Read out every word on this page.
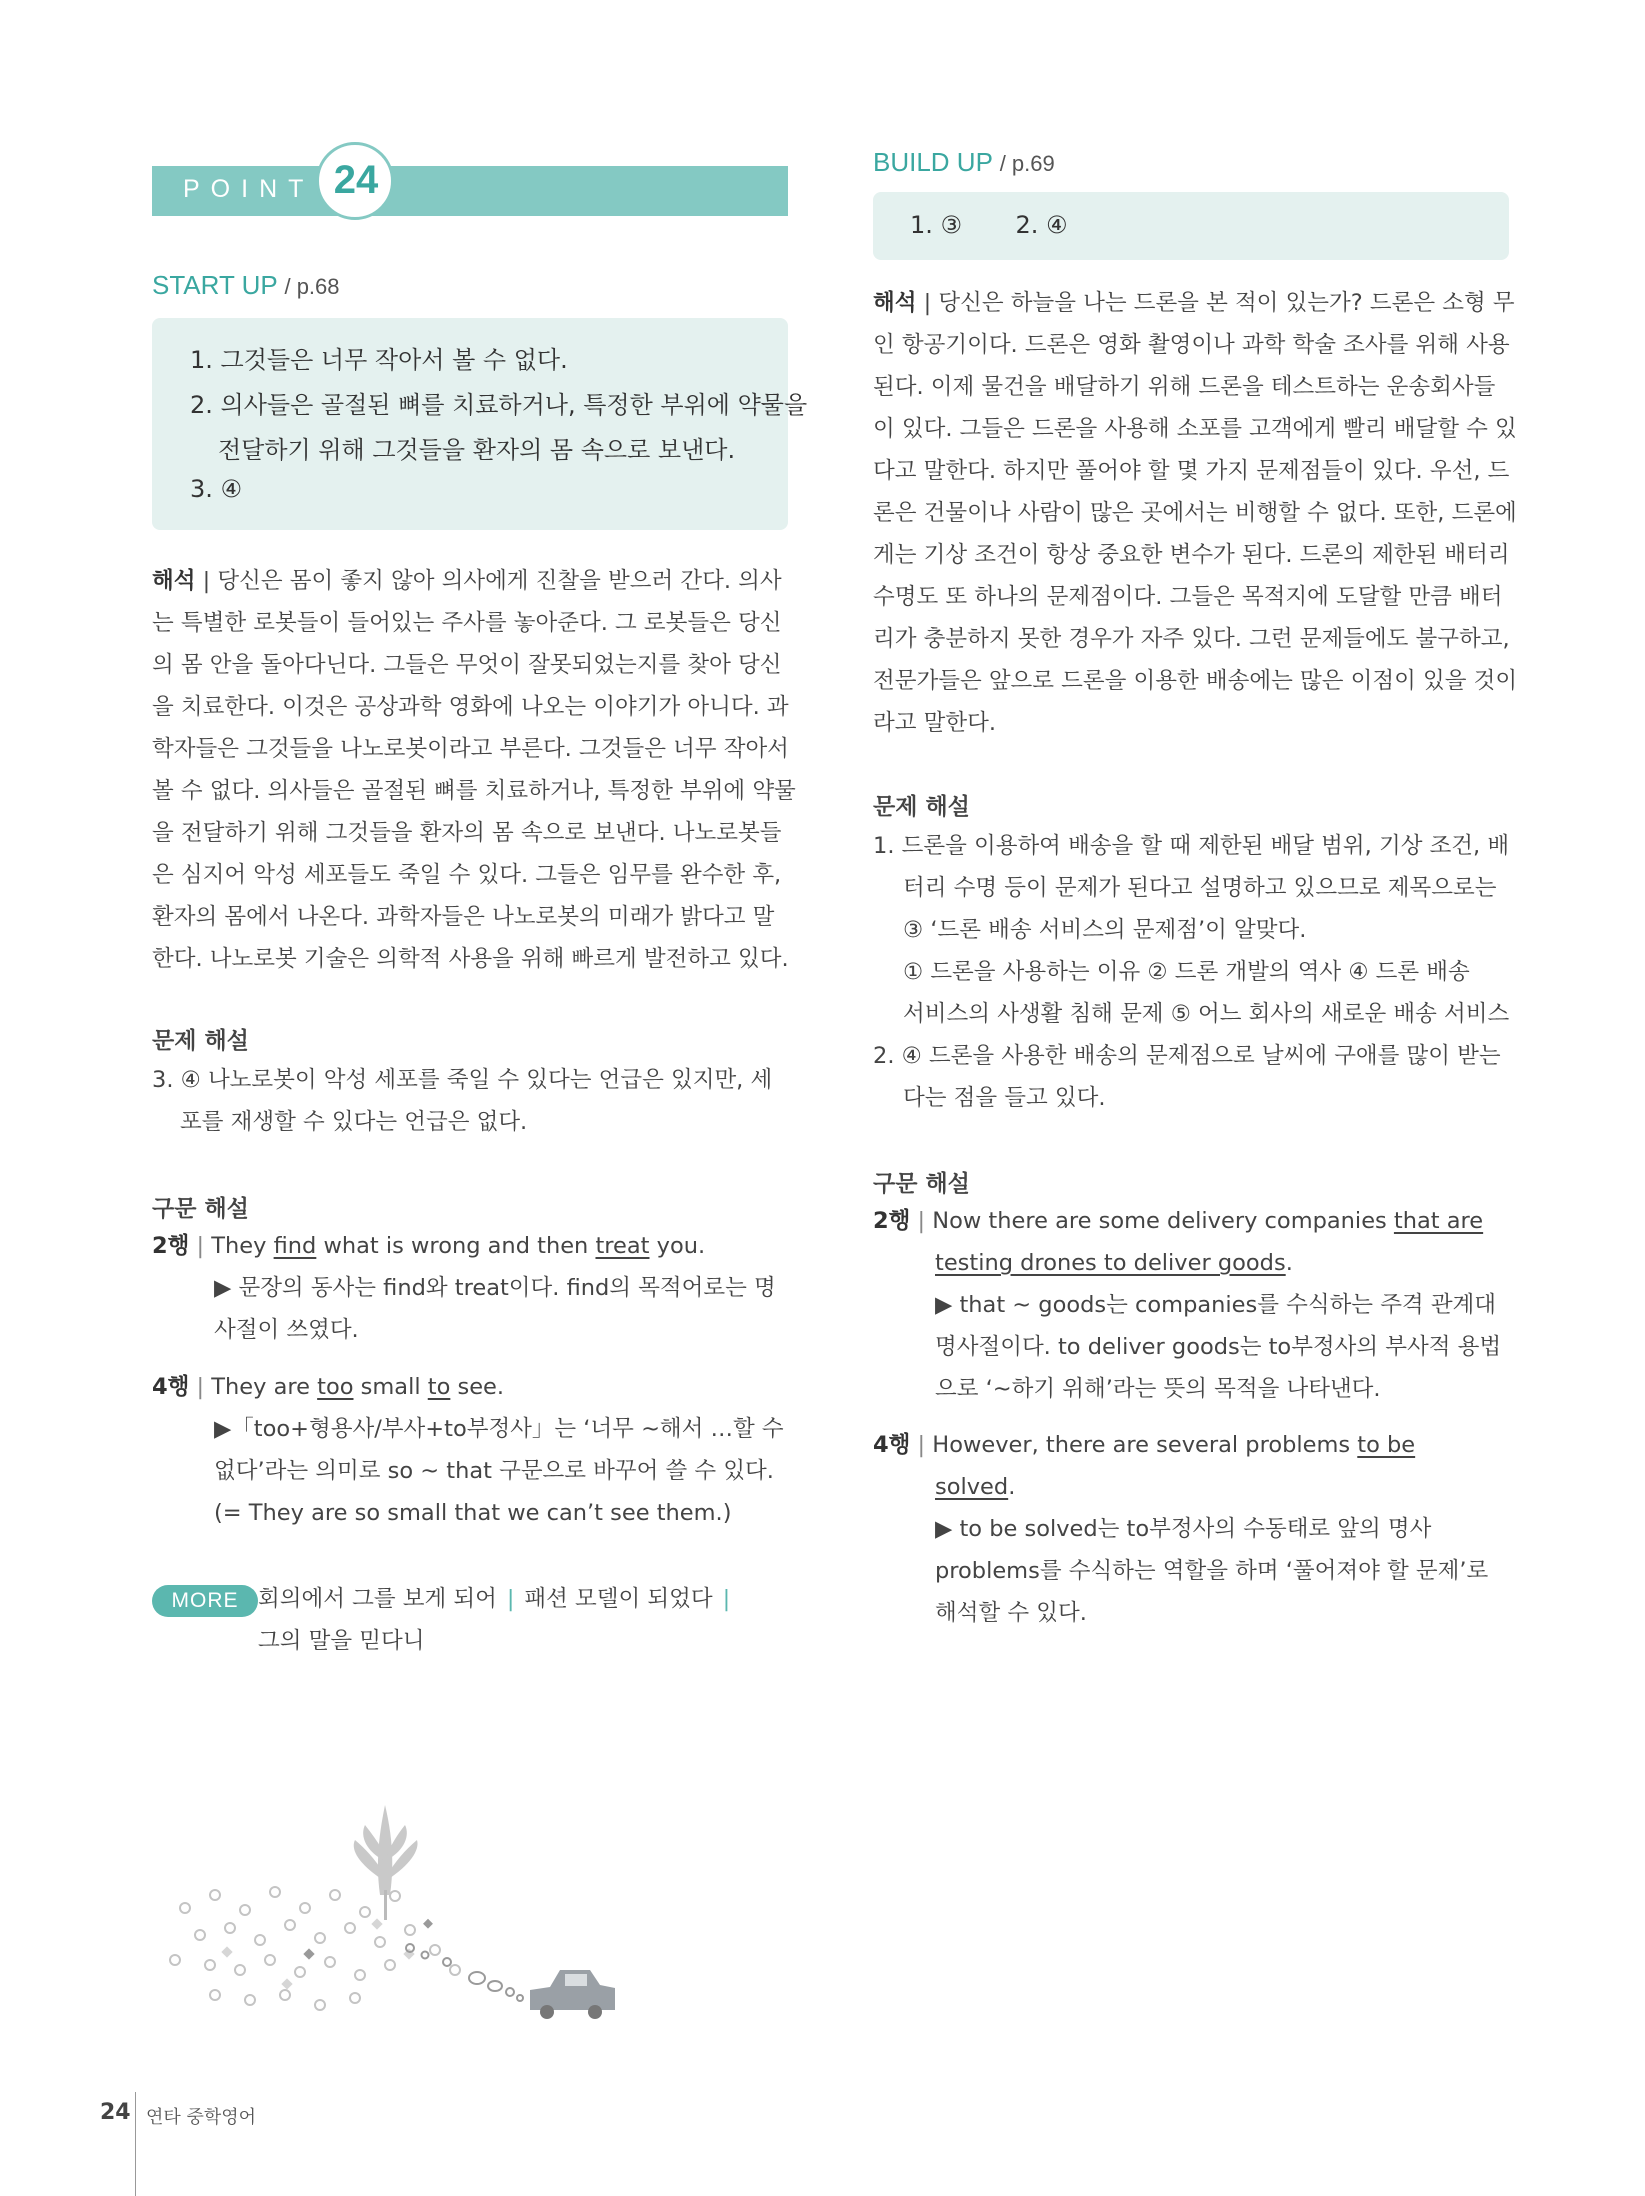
POINT 24
START UP / p.68
1. 그것들은 너무 작아서 볼 수 없다.
2. 의사들은 골절된 뼈를 치료하거나, 특정한 부위에 약물을
전달하기 위해 그것들을 환자의 몸 속으로 보낸다.
3. ④
해석 | 당신은 몸이 좋지 않아 의사에게 진찰을 받으러 간다. 의사
는 특별한 로봇들이 들어있는 주사를 놓아준다. 그 로봇들은 당신
의 몸 안을 돌아다닌다. 그들은 무엇이 잘못되었는지를 찾아 당신
을 치료한다. 이것은 공상과학 영화에 나오는 이야기가 아니다. 과
학자들은 그것들을 나노로봇이라고 부른다. 그것들은 너무 작아서
볼 수 없다. 의사들은 골절된 뼈를 치료하거나, 특정한 부위에 약물
을 전달하기 위해 그것들을 환자의 몸 속으로 보낸다. 나노로봇들
은 심지어 악성 세포들도 죽일 수 있다. 그들은 임무를 완수한 후,
환자의 몸에서 나온다. 과학자들은 나노로봇의 미래가 밝다고 말
한다. 나노로봇 기술은 의학적 사용을 위해 빠르게 발전하고 있다.
문제 해설
3. ④ 나노로봇이 악성 세포를 죽일 수 있다는 언급은 있지만, 세
포를 재생할 수 있다는 언급은 없다.
구문 해설
2행 | They find what is wrong and then treat you.
▶ 문장의 동사는 find와 treat이다. find의 목적어로는 명
사절이 쓰였다.
4행 | They are too small to see.
▶「too+형용사/부사+to부정사」는 ‘너무 ~해서 …할 수
없다’라는 의미로 so ~ that 구문으로 바꾸어 쓸 수 있다.
(= They are so small that we can’t see them.)
MORE 회의에서 그를 보게 되어 | 패션 모델이 되었다 |
그의 말을 믿다니
BUILD UP / p.69
1. ③       2. ④
해석 | 당신은 하늘을 나는 드론을 본 적이 있는가? 드론은 소형 무
인 항공기이다. 드론은 영화 촬영이나 과학 학술 조사를 위해 사용
된다. 이제 물건을 배달하기 위해 드론을 테스트하는 운송회사들
이 있다. 그들은 드론을 사용해 소포를 고객에게 빨리 배달할 수 있
다고 말한다. 하지만 풀어야 할 몇 가지 문제점들이 있다. 우선, 드
론은 건물이나 사람이 많은 곳에서는 비행할 수 없다. 또한, 드론에
게는 기상 조건이 항상 중요한 변수가 된다. 드론의 제한된 배터리
수명도 또 하나의 문제점이다. 그들은 목적지에 도달할 만큼 배터
리가 충분하지 못한 경우가 자주 있다. 그런 문제들에도 불구하고,
전문가들은 앞으로 드론을 이용한 배송에는 많은 이점이 있을 것이
라고 말한다.
문제 해설
1. 드론을 이용하여 배송을 할 때 제한된 배달 범위, 기상 조건, 배
터리 수명 등이 문제가 된다고 설명하고 있으므로 제목으로는
③ ‘드론 배송 서비스의 문제점’이 알맞다.
① 드론을 사용하는 이유 ② 드론 개발의 역사 ④ 드론 배송
서비스의 사생활 침해 문제 ⑤ 어느 회사의 새로운 배송 서비스
2. ④ 드론을 사용한 배송의 문제점으로 날씨에 구애를 많이 받는
다는 점을 들고 있다.
구문 해설
2행 | Now there are some delivery companies that are
testing drones to deliver goods.
▶ that ~ goods는 companies를 수식하는 주격 관계대
명사절이다. to deliver goods는 to부정사의 부사적 용법
으로 ‘~하기 위해’라는 뜻의 목적을 나타낸다.
4행 | However, there are several problems to be
solved.
▶ to be solved는 to부정사의 수동태로 앞의 명사
problems를 수식하는 역할을 하며 ‘풀어져야 할 문제’로
해석할 수 있다.
24 연타 중학영어
